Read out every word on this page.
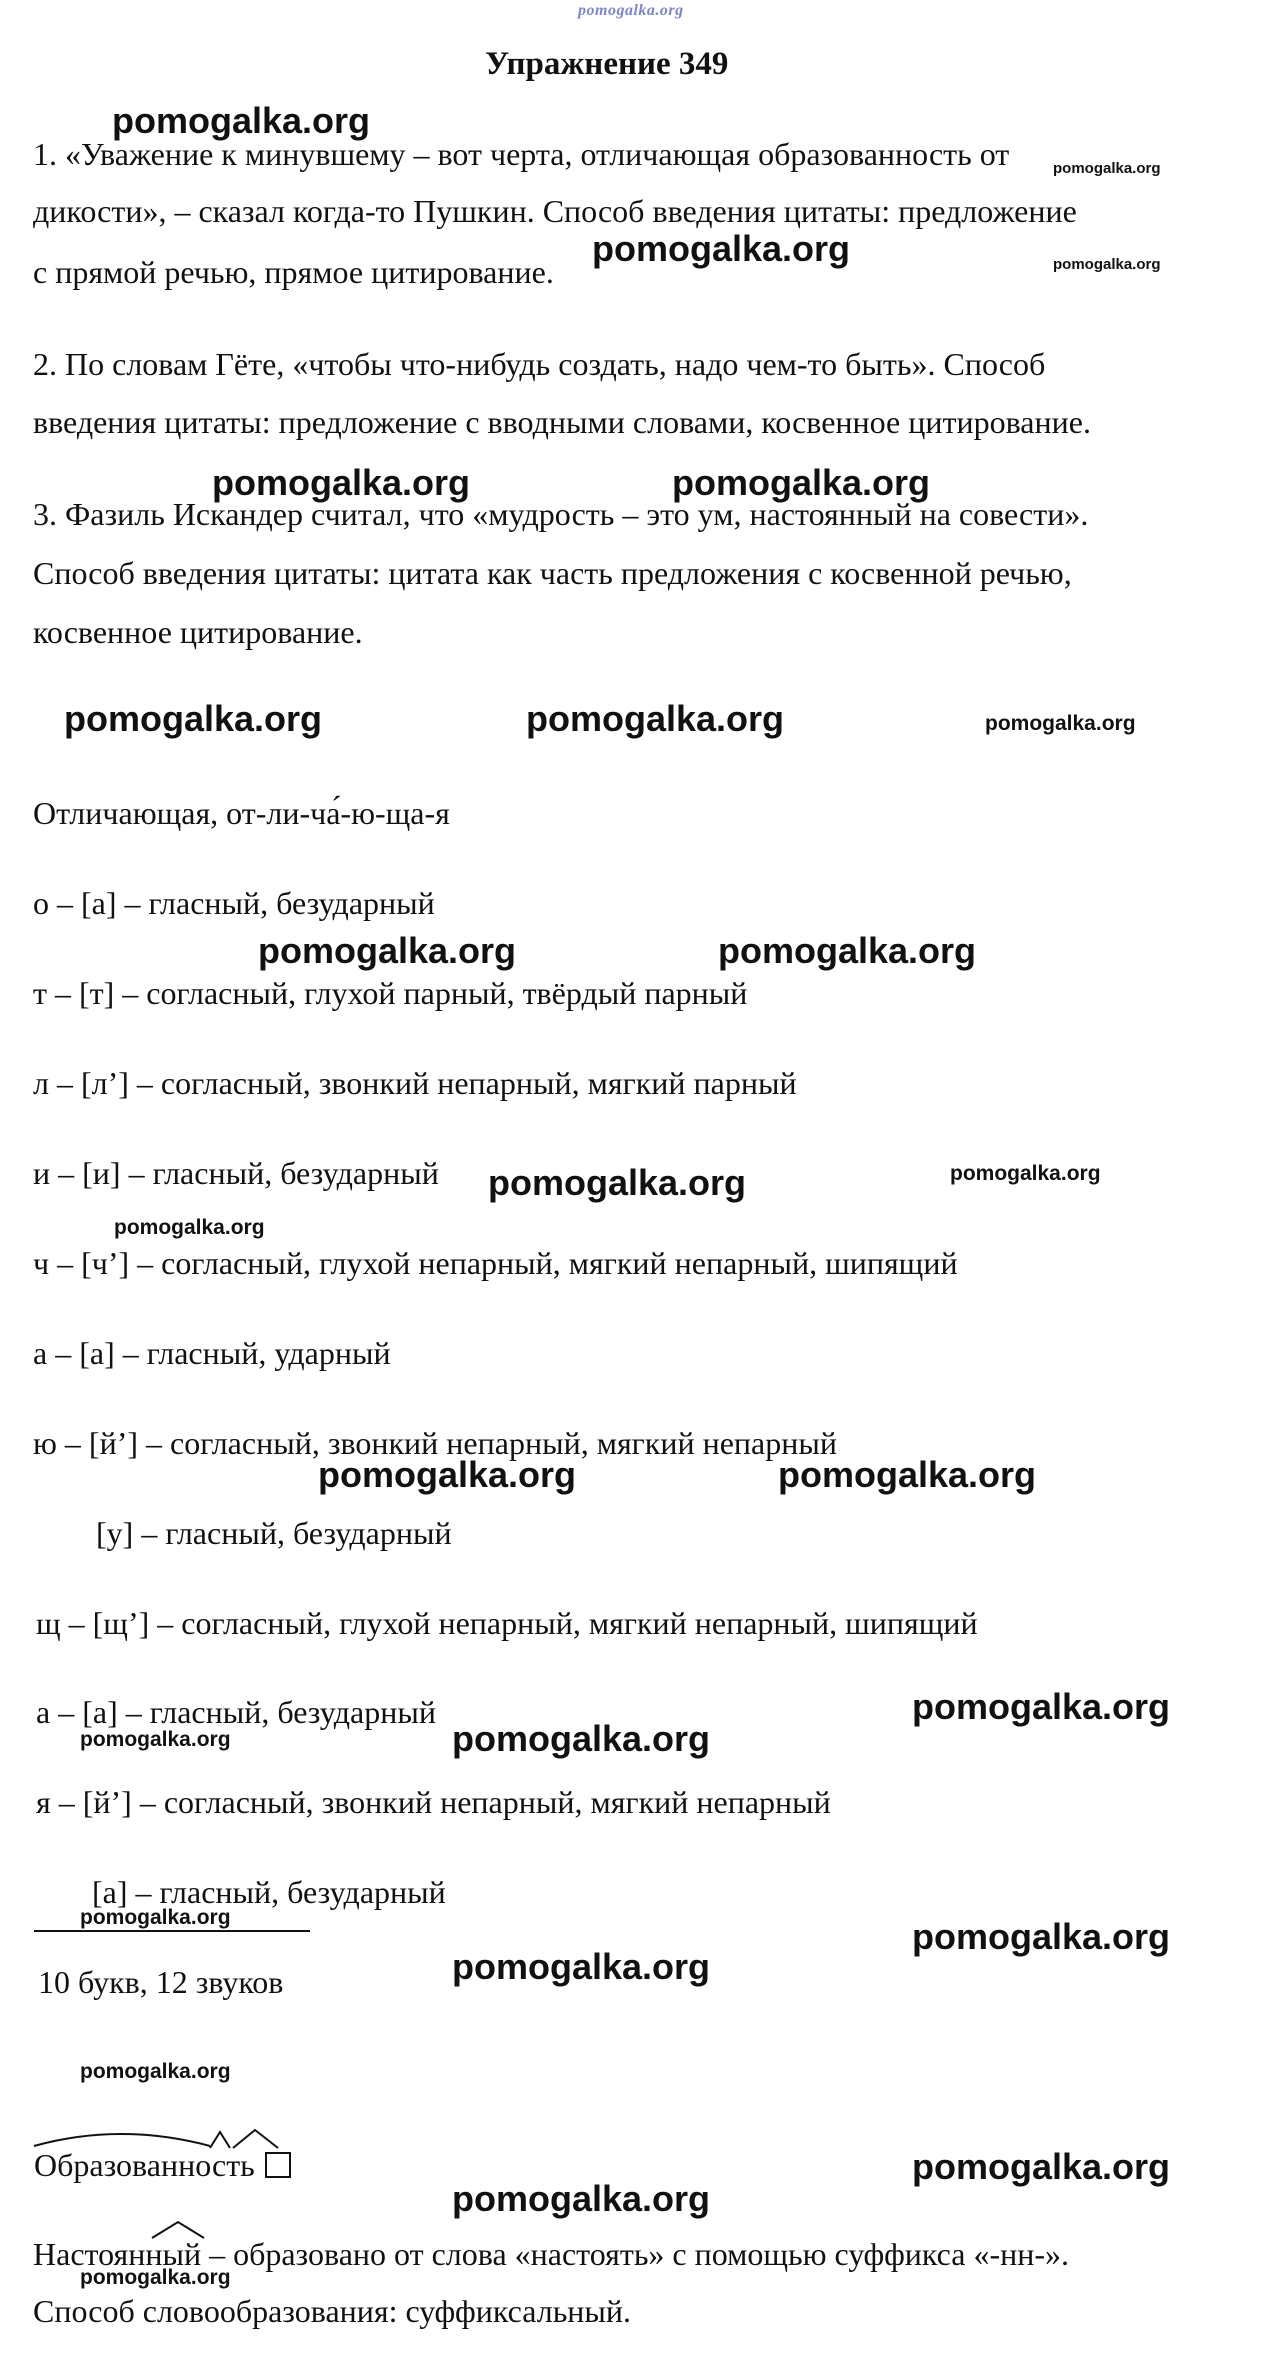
pomogalka.org
Упражнение 349
1. «Уважение к минувшему – вот черта, отличающая образованность от
дикости», – сказал когда-то Пушкин. Способ введения цитаты: предложение
с прямой речью, прямое цитирование.
2. По словам Гёте, «чтобы что-нибудь создать, надо чем-то быть». Способ
введения цитаты: предложение с вводными словами, косвенное цитирование.
3. Фазиль Искандер считал, что «мудрость – это ум, настоянный на совести».
Способ введения цитаты: цитата как часть предложения с косвенной речью,
косвенное цитирование.
Отличающая, от-ли-ча́-ю-ща-я
о – [а] – гласный, безударный
т – [т] – согласный, глухой парный, твёрдый парный
л – [л’] – согласный, звонкий непарный, мягкий парный
и – [и] – гласный, безударный
ч – [ч’] – согласный, глухой непарный, мягкий непарный, шипящий
а – [а] – гласный, ударный
ю – [й’] – согласный, звонкий непарный, мягкий непарный
[у] – гласный, безударный
щ – [щ’] – согласный, глухой непарный, мягкий непарный, шипящий
а – [а] – гласный, безударный
я – [й’] – согласный, звонкий непарный, мягкий непарный
[а] – гласный, безударный
10 букв, 12 звуков
Образованность
Настоянный – образовано от слова «настоять» с помощью суффикса «-нн-».
Способ словообразования: суффиксальный.
pomogalka.org
pomogalka.org
pomogalka.org	pomogalka.org
pomogalka.org	pomogalka.org
pomogalka.org	pomogalka.org	pomogalka.org
pomogalka.org	pomogalka.org
pomogalka.org	pomogalka.org
pomogalka.org
pomogalka.org	pomogalka.org
pomogalka.org
pomogalka.org	pomogalka.org
pomogalka.org	pomogalka.org
pomogalka.org
pomogalka.org
pomogalka.org
pomogalka.org
pomogalka.org
